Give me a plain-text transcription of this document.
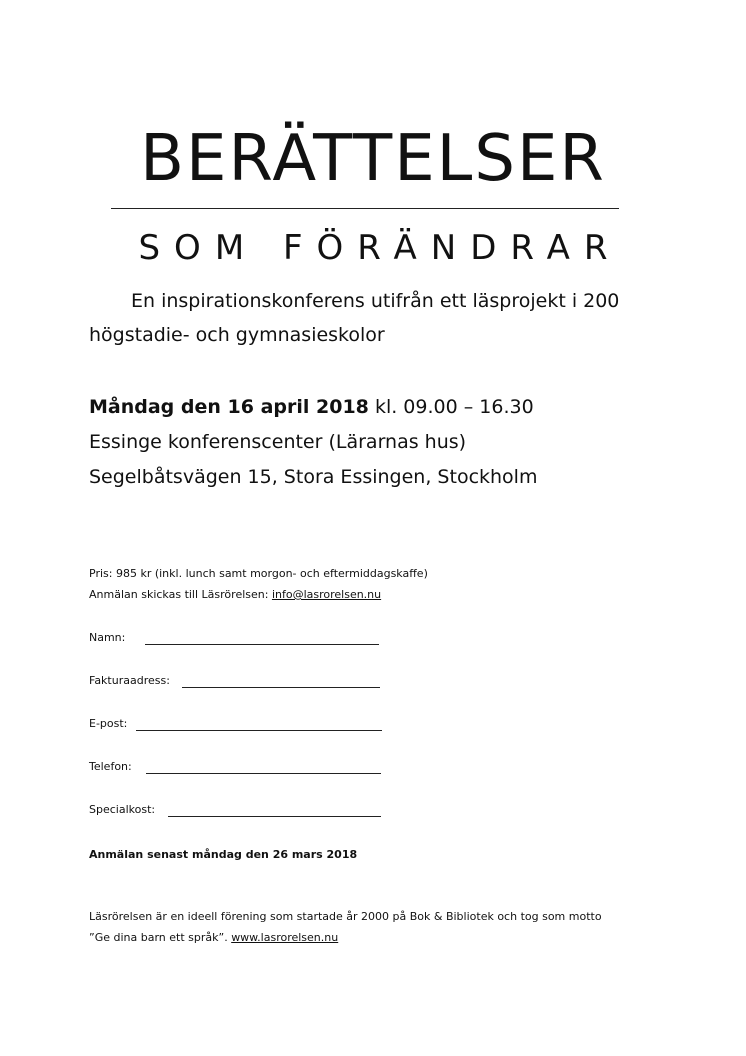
BERÄTTELSER
SOM FÖRÄNDRAR
En inspirationskonferens utifrån ett läsprojekt i 200 högstadie- och gymnasieskolor
Måndag den 16 april 2018 kl. 09.00 – 16.30
Essinge konferenscenter (Lärarnas hus)
Segelbåtsvägen 15, Stora Essingen, Stockholm
Pris: 985 kr (inkl. lunch samt morgon- och eftermiddagskaffe)
Anmälan skickas till Läsrörelsen: info@lasrorelsen.nu
Namn:
Fakturaadress:
E-post:
Telefon:
Specialkost:
Anmälan senast måndag den 26 mars 2018
Läsrörelsen är en ideell förening som startade år 2000 på Bok & Bibliotek och tog som motto
”Ge dina barn ett språk”. www.lasrorelsen.nu
